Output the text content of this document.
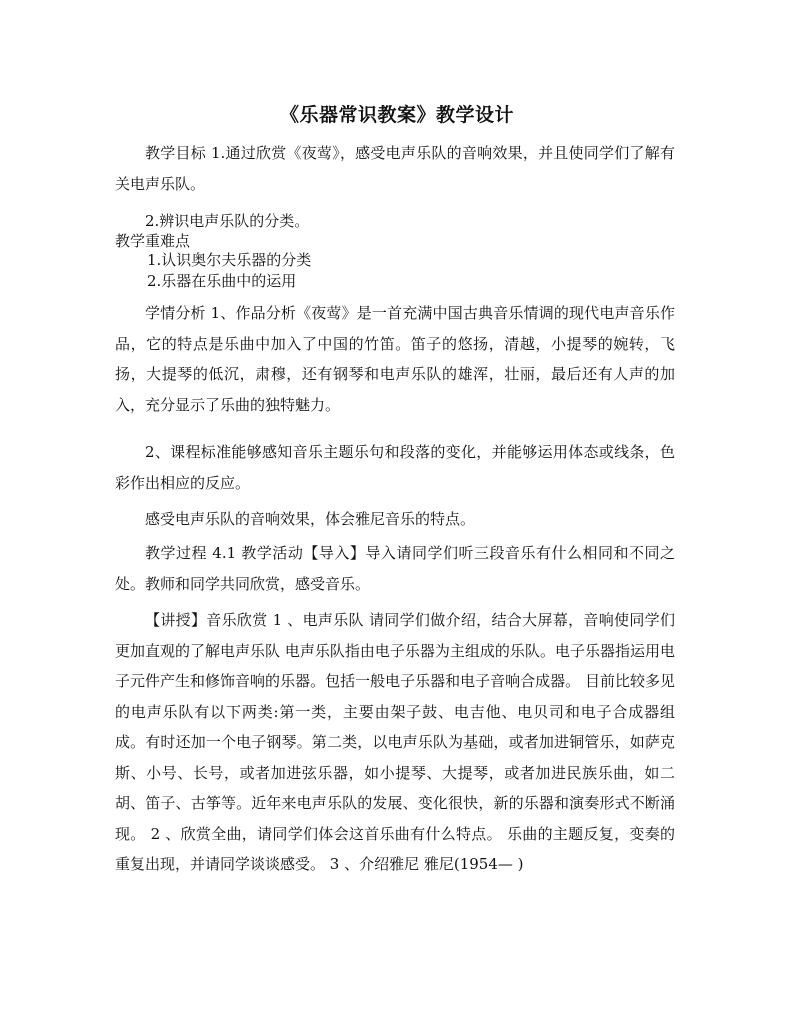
《乐器常识教案》教学设计

教学目标 1.通过欣赏《夜莺》，感受电声乐队的音响效果，并且使同学们了解有关电声乐队。

2.辨识电声乐队的分类。

教学重难点

1.认识奥尔夫乐器的分类

2.乐器在乐曲中的运用

学情分析 1、作品分析《夜莺》是一首充满中国古典音乐情调的现代电声音乐作品，它的特点是乐曲中加入了中国的竹笛。笛子的悠扬，清越，小提琴的婉转，飞扬，大提琴的低沉，肃穆，还有钢琴和电声乐队的雄浑，壮丽，最后还有人声的加入，充分显示了乐曲的独特魅力。

2、课程标准能够感知音乐主题乐句和段落的变化，并能够运用体态或线条，色彩作出相应的反应。

感受电声乐队的音响效果，体会雅尼音乐的特点。

教学过程 4.1 教学活动【导入】导入请同学们听三段音乐有什么相同和不同之处。教师和同学共同欣赏，感受音乐。

【讲授】音乐欣赏 1 、电声乐队 请同学们做介绍，结合大屏幕，音响使同学们更加直观的了解电声乐队 电声乐队指由电子乐器为主组成的乐队。电子乐器指运用电子元件产生和修饰音响的乐器。包括一般电子乐器和电子音响合成器。 目前比较多见的电声乐队有以下两类:第一类，主要由架子鼓、电吉他、电贝司和电子合成器组成。有时还加一个电子钢琴。第二类，以电声乐队为基础，或者加进铜管乐，如萨克斯、小号、长号，或者加进弦乐器，如小提琴、大提琴，或者加进民族乐曲，如二胡、笛子、古筝等。近年来电声乐队的发展、变化很快，新的乐器和演奏形式不断涌现。 2 、欣赏全曲，请同学们体会这首乐曲有什么特点。 乐曲的主题反复，变奏的重复出现，并请同学谈谈感受。 3 、介绍雅尼 雅尼(1954— )
